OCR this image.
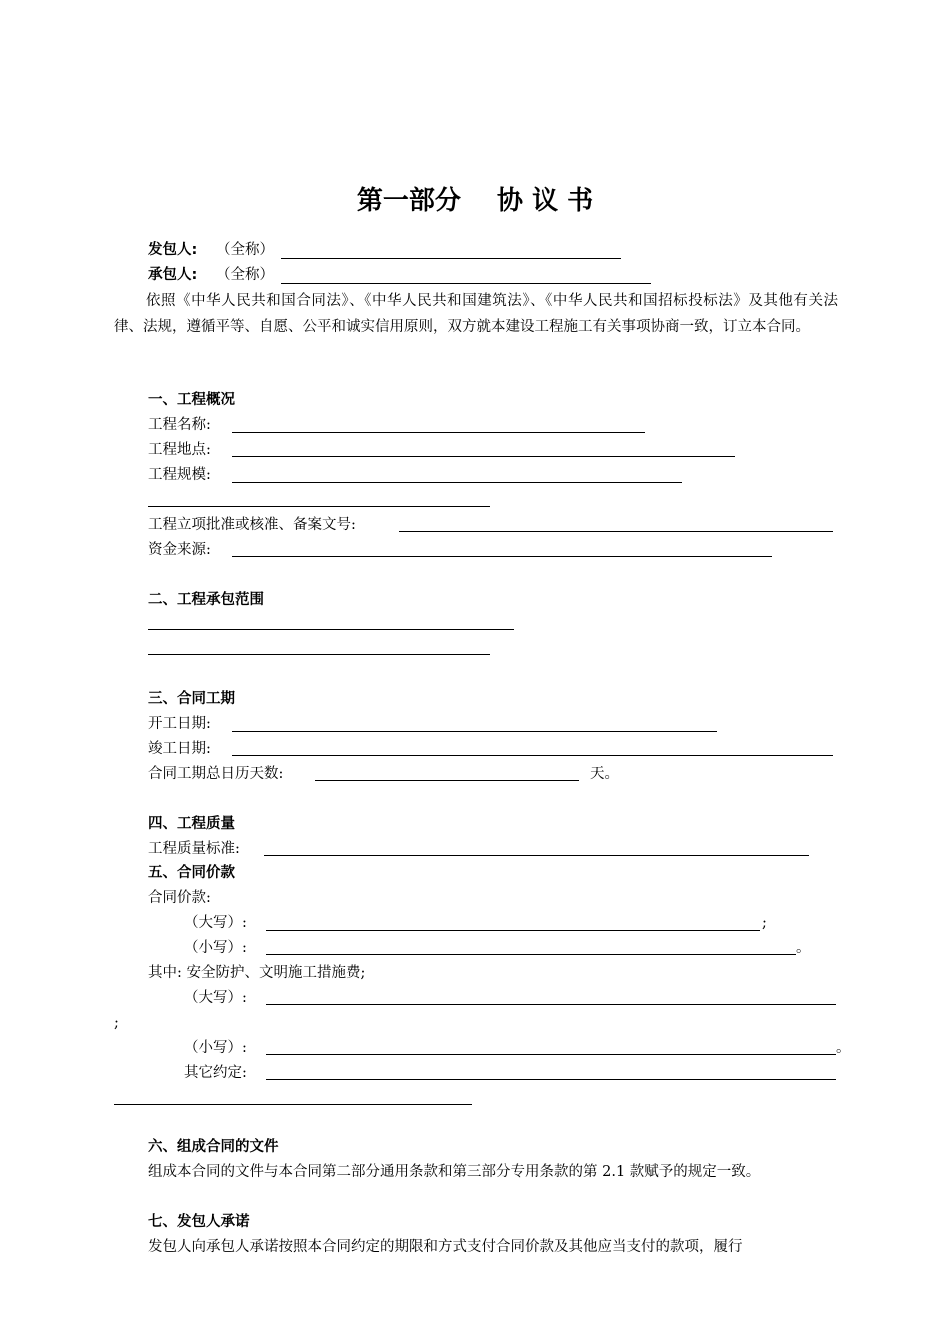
第一部分    协 议 书
发包人: （全称）
承包人: （全称）
依照《中华人民共和国合同法》、《中华人民共和国建筑法》、《中华人民共和国招标投标法》及其他有关法律、法规，遵循平等、自愿、公平和诚实信用原则，双方就本建设工程施工有关事项协商一致，订立本合同。
一、工程概况
工程名称:
工程地点:
工程规模:
工程立项批准或核准、备案文号:
资金来源:
二、工程承包范围
三、合同工期
开工日期:
竣工日期:
合同工期总日历天数:	天。
四、工程质量
工程质量标准:
五、合同价款
合同价款:
（大写）:	;
（小写）:	。
其中: 安全防护、文明施工措施费;
（大写）:
;
（小写）:	。
其它约定:
六、组成合同的文件
组成本合同的文件与本合同第二部分通用条款和第三部分专用条款的第 2.1 款赋予的规定一致。
七、发包人承诺
发包人向承包人承诺按照本合同约定的期限和方式支付合同价款及其他应当支付的款项，履行
